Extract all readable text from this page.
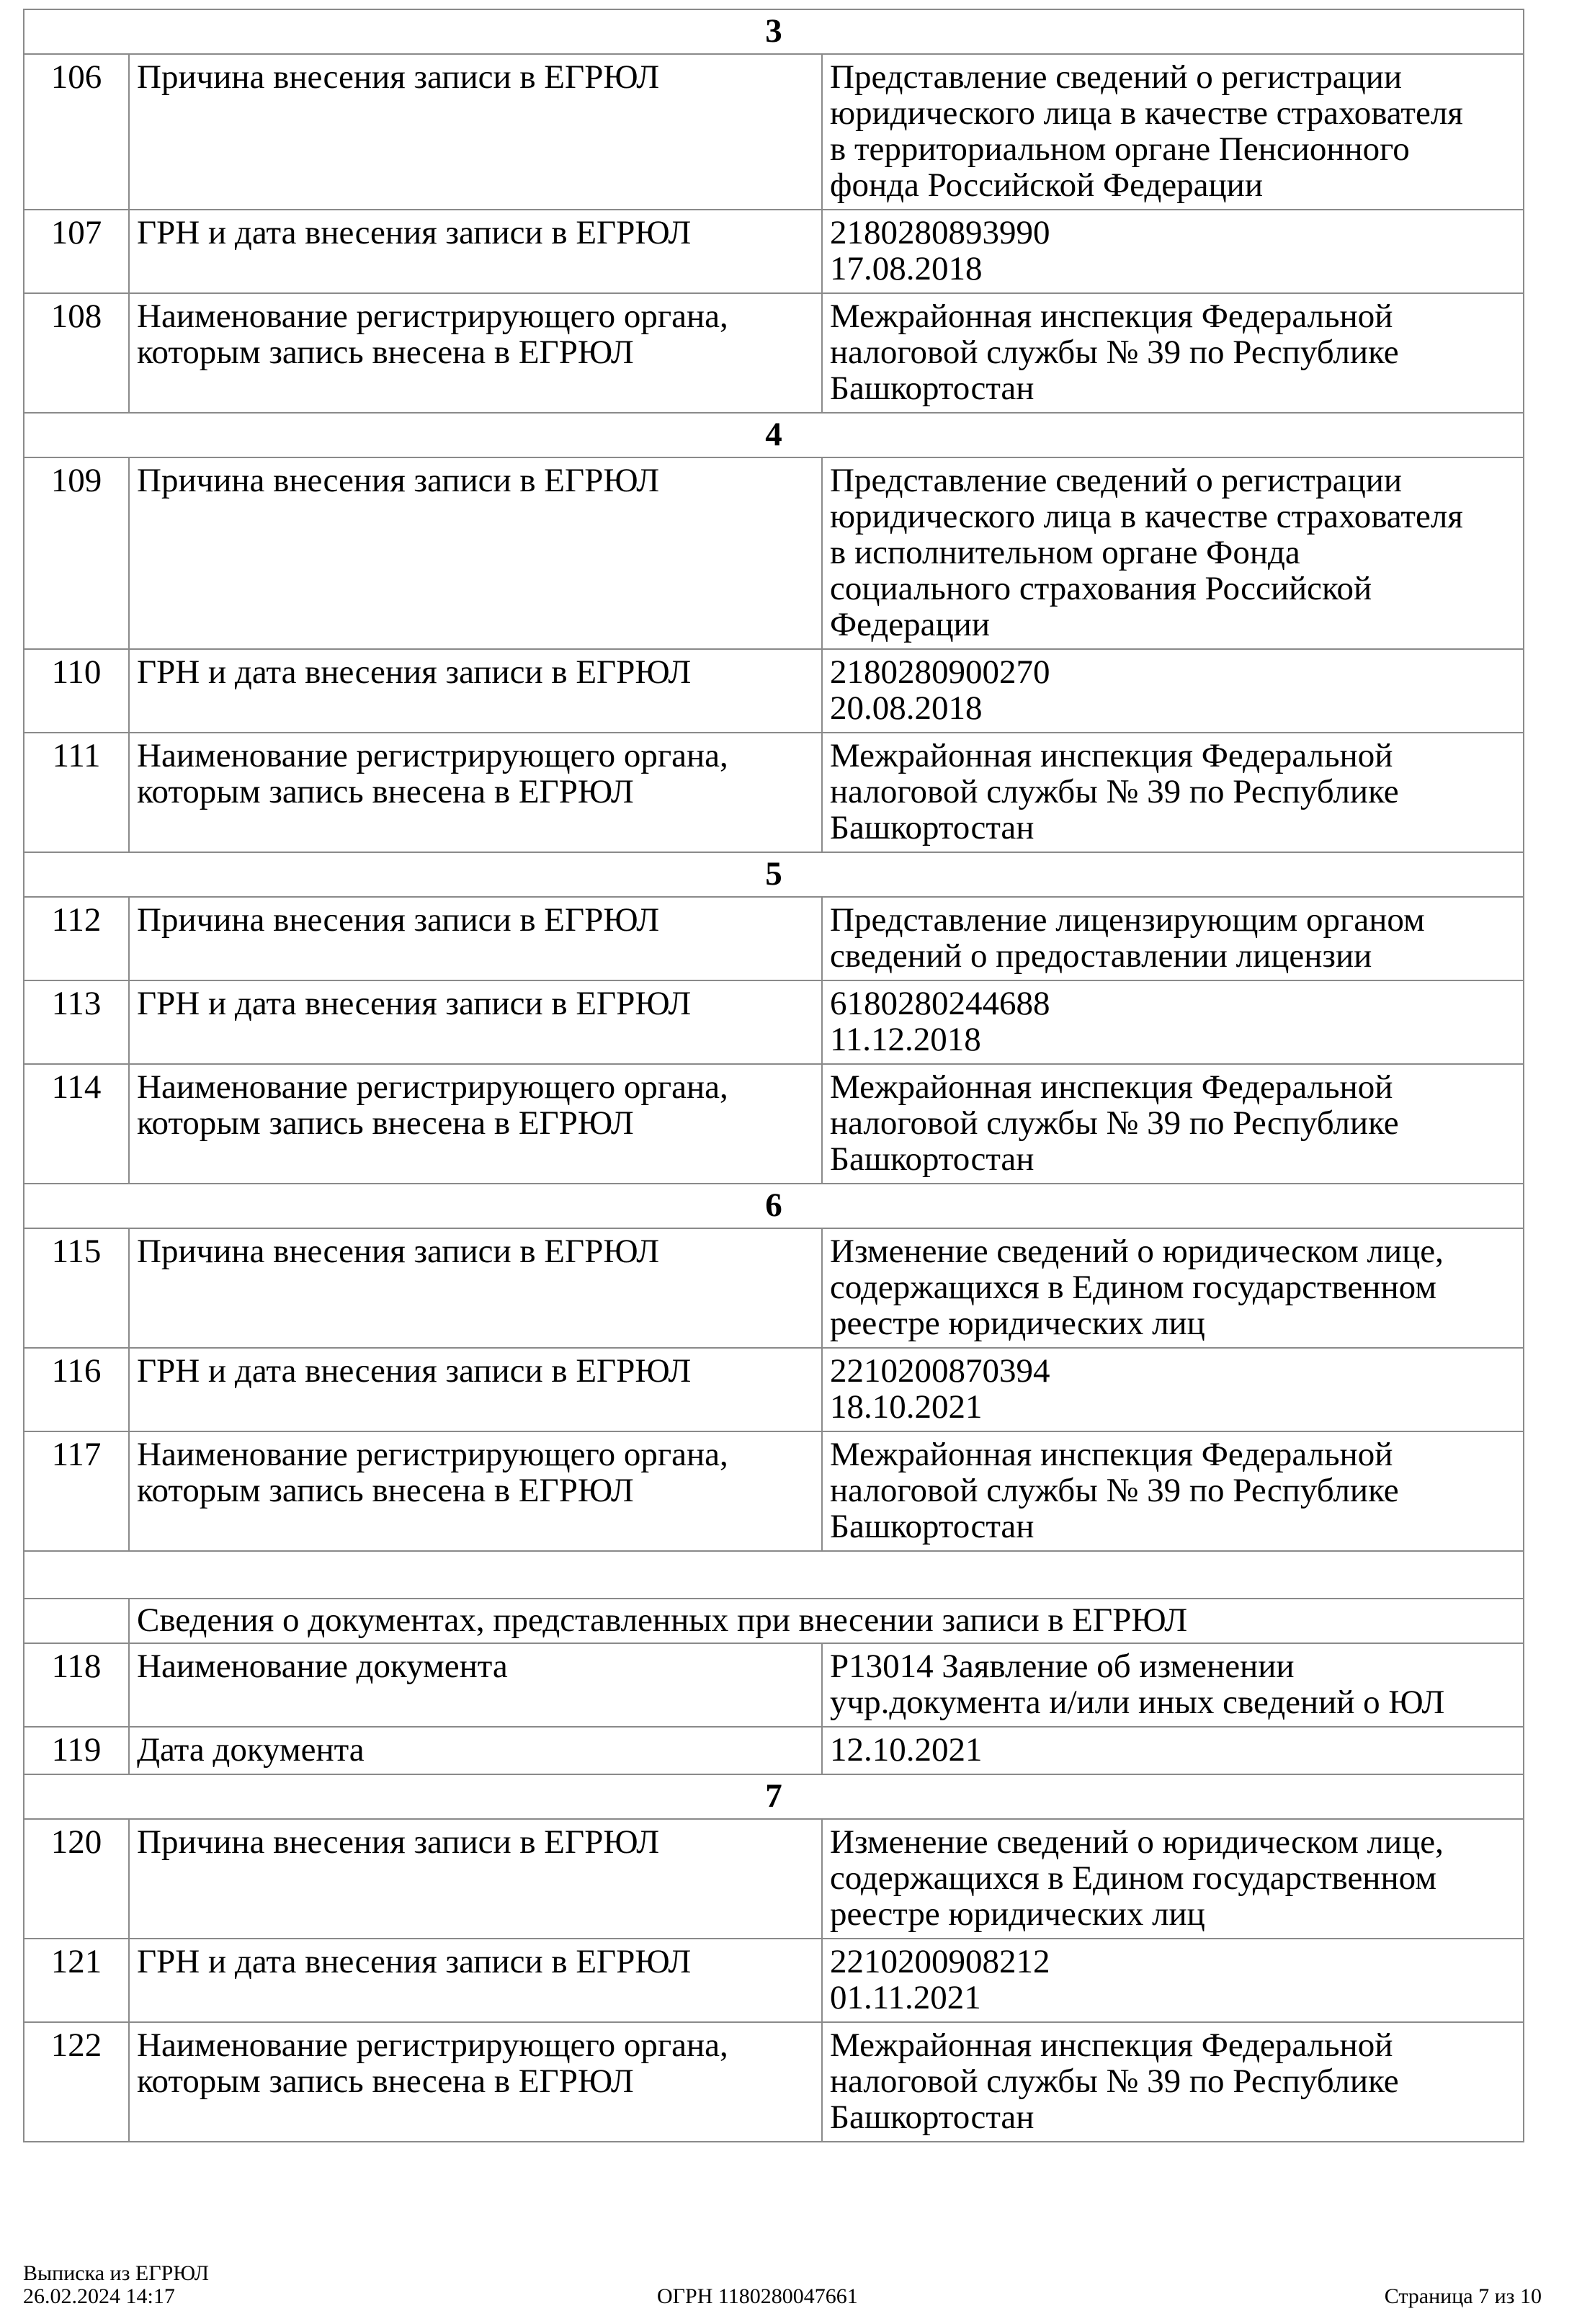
3		
106	Причина внесения записи в ЕГРЮЛ	Представление сведений о регистрации
юридического лица в качестве страхователя
в территориальном органе Пенсионного
фонда Российской Федерации

107	ГРН и дата внесения записи в ЕГРЮЛ	2180280893990
17.08.2018

108	Наименование регистрирующего органа,
которым запись внесена в ЕГРЮЛ	Межрайонная инспекция Федеральной
налоговой службы № 39 по Республике
Башкортостан

4		
109	Причина внесения записи в ЕГРЮЛ	Представление сведений о регистрации
юридического лица в качестве страхователя
в исполнительном органе Фонда
социального страхования Российской
Федерации

110	ГРН и дата внесения записи в ЕГРЮЛ	2180280900270
20.08.2018

111	Наименование регистрирующего органа,
которым запись внесена в ЕГРЮЛ	Межрайонная инспекция Федеральной
налоговой службы № 39 по Республике
Башкортостан

5		
112	Причина внесения записи в ЕГРЮЛ	Представление лицензирующим органом
сведений о предоставлении лицензии

113	ГРН и дата внесения записи в ЕГРЮЛ	6180280244688
11.12.2018

114	Наименование регистрирующего органа,
которым запись внесена в ЕГРЮЛ	Межрайонная инспекция Федеральной
налоговой службы № 39 по Республике
Башкортостан

6		
115	Причина внесения записи в ЕГРЮЛ	Изменение сведений о юридическом лице,
содержащихся в Едином государственном
реестре юридических лиц

116	ГРН и дата внесения записи в ЕГРЮЛ	2210200870394
18.10.2021

117	Наименование регистрирующего органа,
которым запись внесена в ЕГРЮЛ	Межрайонная инспекция Федеральной
налоговой службы № 39 по Республике
Башкортостан

	Сведения о документах, представленных при внесении записи в ЕГРЮЛ	
118	Наименование документа	Р13014 Заявление об изменении
учр.документа и/или иных сведений о ЮЛ

119	Дата документа	12.10.2021

7		
120	Причина внесения записи в ЕГРЮЛ	Изменение сведений о юридическом лице,
содержащихся в Едином государственном
реестре юридических лиц

121	ГРН и дата внесения записи в ЕГРЮЛ	2210200908212
01.11.2021

122	Наименование регистрирующего органа,
которым запись внесена в ЕГРЮЛ	Межрайонная инспекция Федеральной
налоговой службы № 39 по Республике
Башкортостан
Выписка из ЕГРЮЛ
26.02.2024 14:17	ОГРН 1180280047661	Страница 7 из 10
